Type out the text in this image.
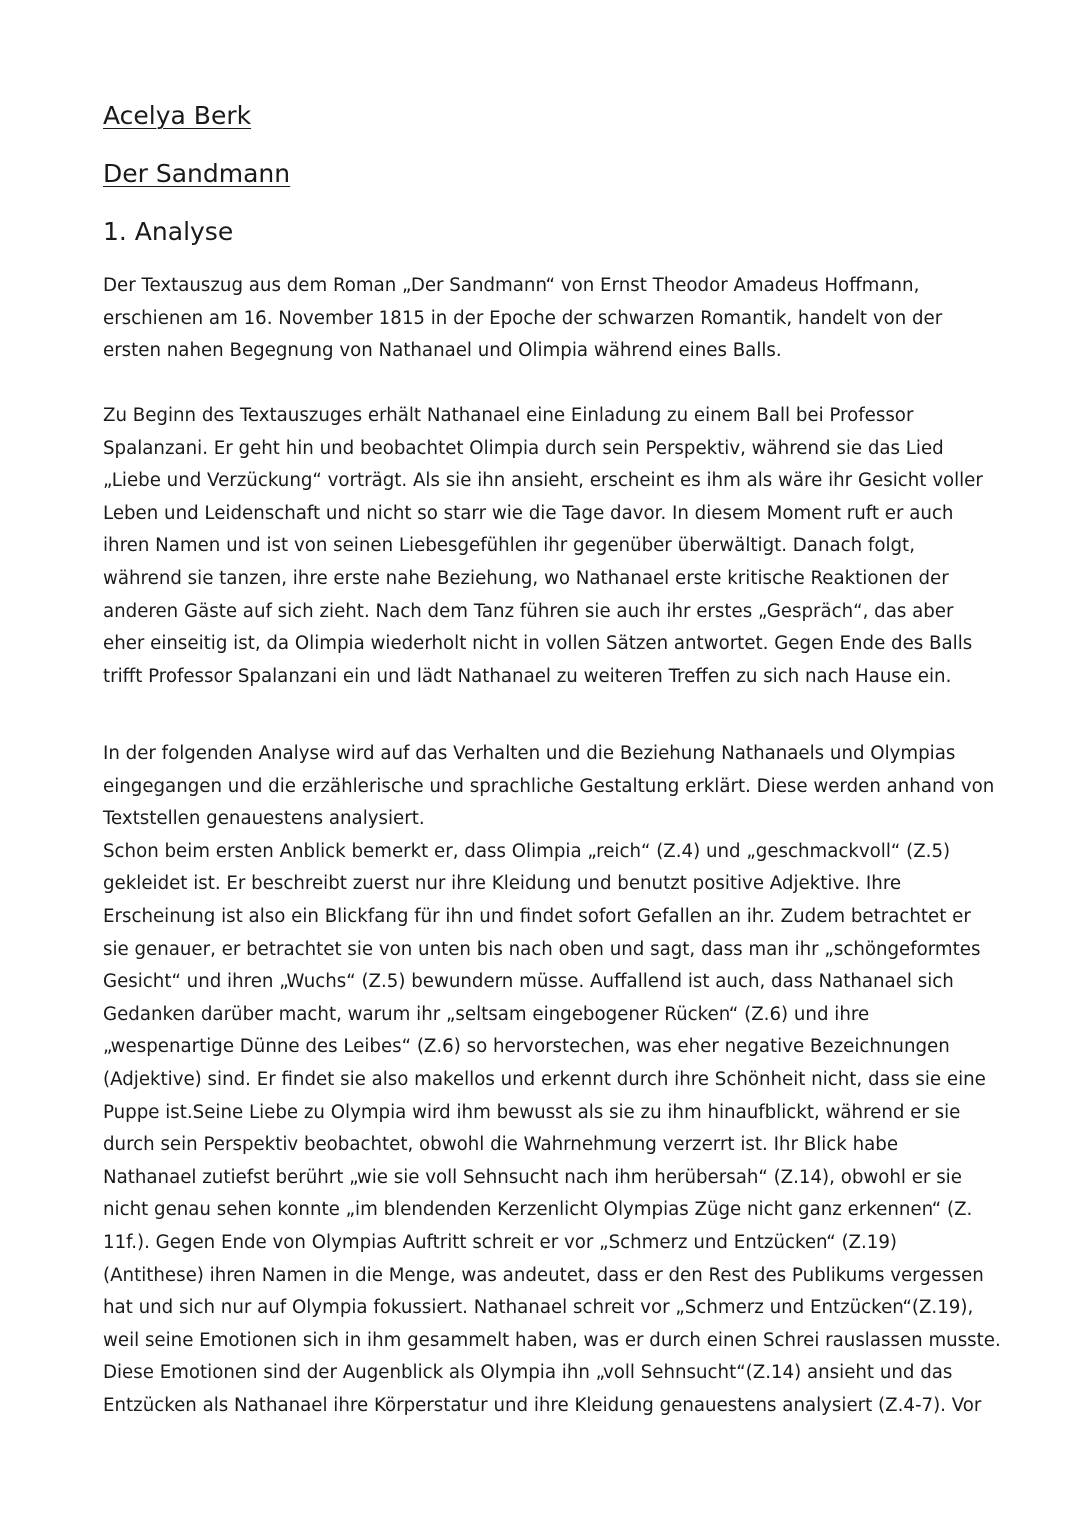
Acelya Berk
Der Sandmann
1. Analyse
Der Textauszug aus dem Roman „Der Sandmann“ von Ernst Theodor Amadeus Hoffmann,
erschienen am 16. November 1815 in der Epoche der schwarzen Romantik, handelt von der
ersten nahen Begegnung von Nathanael und Olimpia während eines Balls.
Zu Beginn des Textauszuges erhält Nathanael eine Einladung zu einem Ball bei Professor
Spalanzani. Er geht hin und beobachtet Olimpia durch sein Perspektiv, während sie das Lied
„Liebe und Verzückung“ vorträgt. Als sie ihn ansieht, erscheint es ihm als wäre ihr Gesicht voller
Leben und Leidenschaft und nicht so starr wie die Tage davor. In diesem Moment ruft er auch
ihren Namen und ist von seinen Liebesgefühlen ihr gegenüber überwältigt. Danach folgt,
während sie tanzen, ihre erste nahe Beziehung, wo Nathanael erste kritische Reaktionen der
anderen Gäste auf sich zieht. Nach dem Tanz führen sie auch ihr erstes „Gespräch“, das aber
eher einseitig ist, da Olimpia wiederholt nicht in vollen Sätzen antwortet. Gegen Ende des Balls
trifft Professor Spalanzani ein und lädt Nathanael zu weiteren Treffen zu sich nach Hause ein.
In der folgenden Analyse wird auf das Verhalten und die Beziehung Nathanaels und Olympias
eingegangen und die erzählerische und sprachliche Gestaltung erklärt. Diese werden anhand von
Textstellen genauestens analysiert.
Schon beim ersten Anblick bemerkt er, dass Olimpia „reich“ (Z.4) und „geschmackvoll“ (Z.5)
gekleidet ist. Er beschreibt zuerst nur ihre Kleidung und benutzt positive Adjektive. Ihre
Erscheinung ist also ein Blickfang für ihn und findet sofort Gefallen an ihr. Zudem betrachtet er
sie genauer, er betrachtet sie von unten bis nach oben und sagt, dass man ihr „schöngeformtes
Gesicht“ und ihren „Wuchs“ (Z.5) bewundern müsse. Auffallend ist auch, dass Nathanael sich
Gedanken darüber macht, warum ihr „seltsam eingebogener Rücken“ (Z.6) und ihre
„wespenartige Dünne des Leibes“ (Z.6) so hervorstechen, was eher negative Bezeichnungen
(Adjektive) sind. Er findet sie also makellos und erkennt durch ihre Schönheit nicht, dass sie eine
Puppe ist.Seine Liebe zu Olympia wird ihm bewusst als sie zu ihm hinaufblickt, während er sie
durch sein Perspektiv beobachtet, obwohl die Wahrnehmung verzerrt ist. Ihr Blick habe
Nathanael zutiefst berührt „wie sie voll Sehnsucht nach ihm herübersah“ (Z.14), obwohl er sie
nicht genau sehen konnte „im blendenden Kerzenlicht Olympias Züge nicht ganz erkennen“ (Z.
11f.). Gegen Ende von Olympias Auftritt schreit er vor „Schmerz und Entzücken“ (Z.19)
(Antithese) ihren Namen in die Menge, was andeutet, dass er den Rest des Publikums vergessen
hat und sich nur auf Olympia fokussiert. Nathanael schreit vor „Schmerz und Entzücken“(Z.19),
weil seine Emotionen sich in ihm gesammelt haben, was er durch einen Schrei rauslassen musste.
Diese Emotionen sind der Augenblick als Olympia ihn „voll Sehnsucht“(Z.14) ansieht und das
Entzücken als Nathanael ihre Körperstatur und ihre Kleidung genauestens analysiert (Z.4-7). Vor
